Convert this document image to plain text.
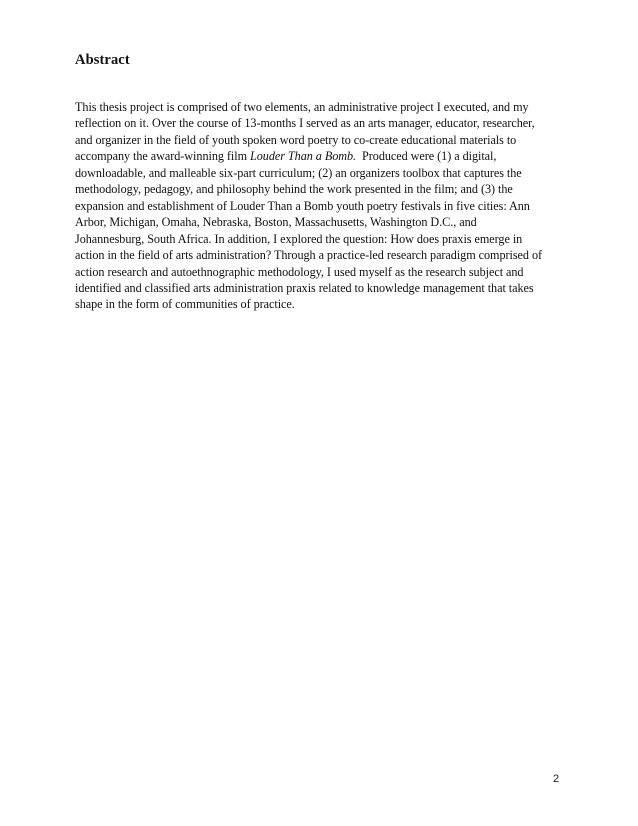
Abstract

This thesis project is comprised of two elements, an administrative project I executed, and my
reflection on it. Over the course of 13-months I served as an arts manager, educator, researcher,
and organizer in the field of youth spoken word poetry to co-create educational materials to
accompany the award-winning film Louder Than a Bomb.  Produced were (1) a digital,
downloadable, and malleable six-part curriculum; (2) an organizers toolbox that captures the
methodology, pedagogy, and philosophy behind the work presented in the film; and (3) the
expansion and establishment of Louder Than a Bomb youth poetry festivals in five cities: Ann
Arbor, Michigan, Omaha, Nebraska, Boston, Massachusetts, Washington D.C., and
Johannesburg, South Africa. In addition, I explored the question: How does praxis emerge in
action in the field of arts administration? Through a practice-led research paradigm comprised of
action research and autoethnographic methodology, I used myself as the research subject and
identified and classified arts administration praxis related to knowledge management that takes
shape in the form of communities of practice.

2
